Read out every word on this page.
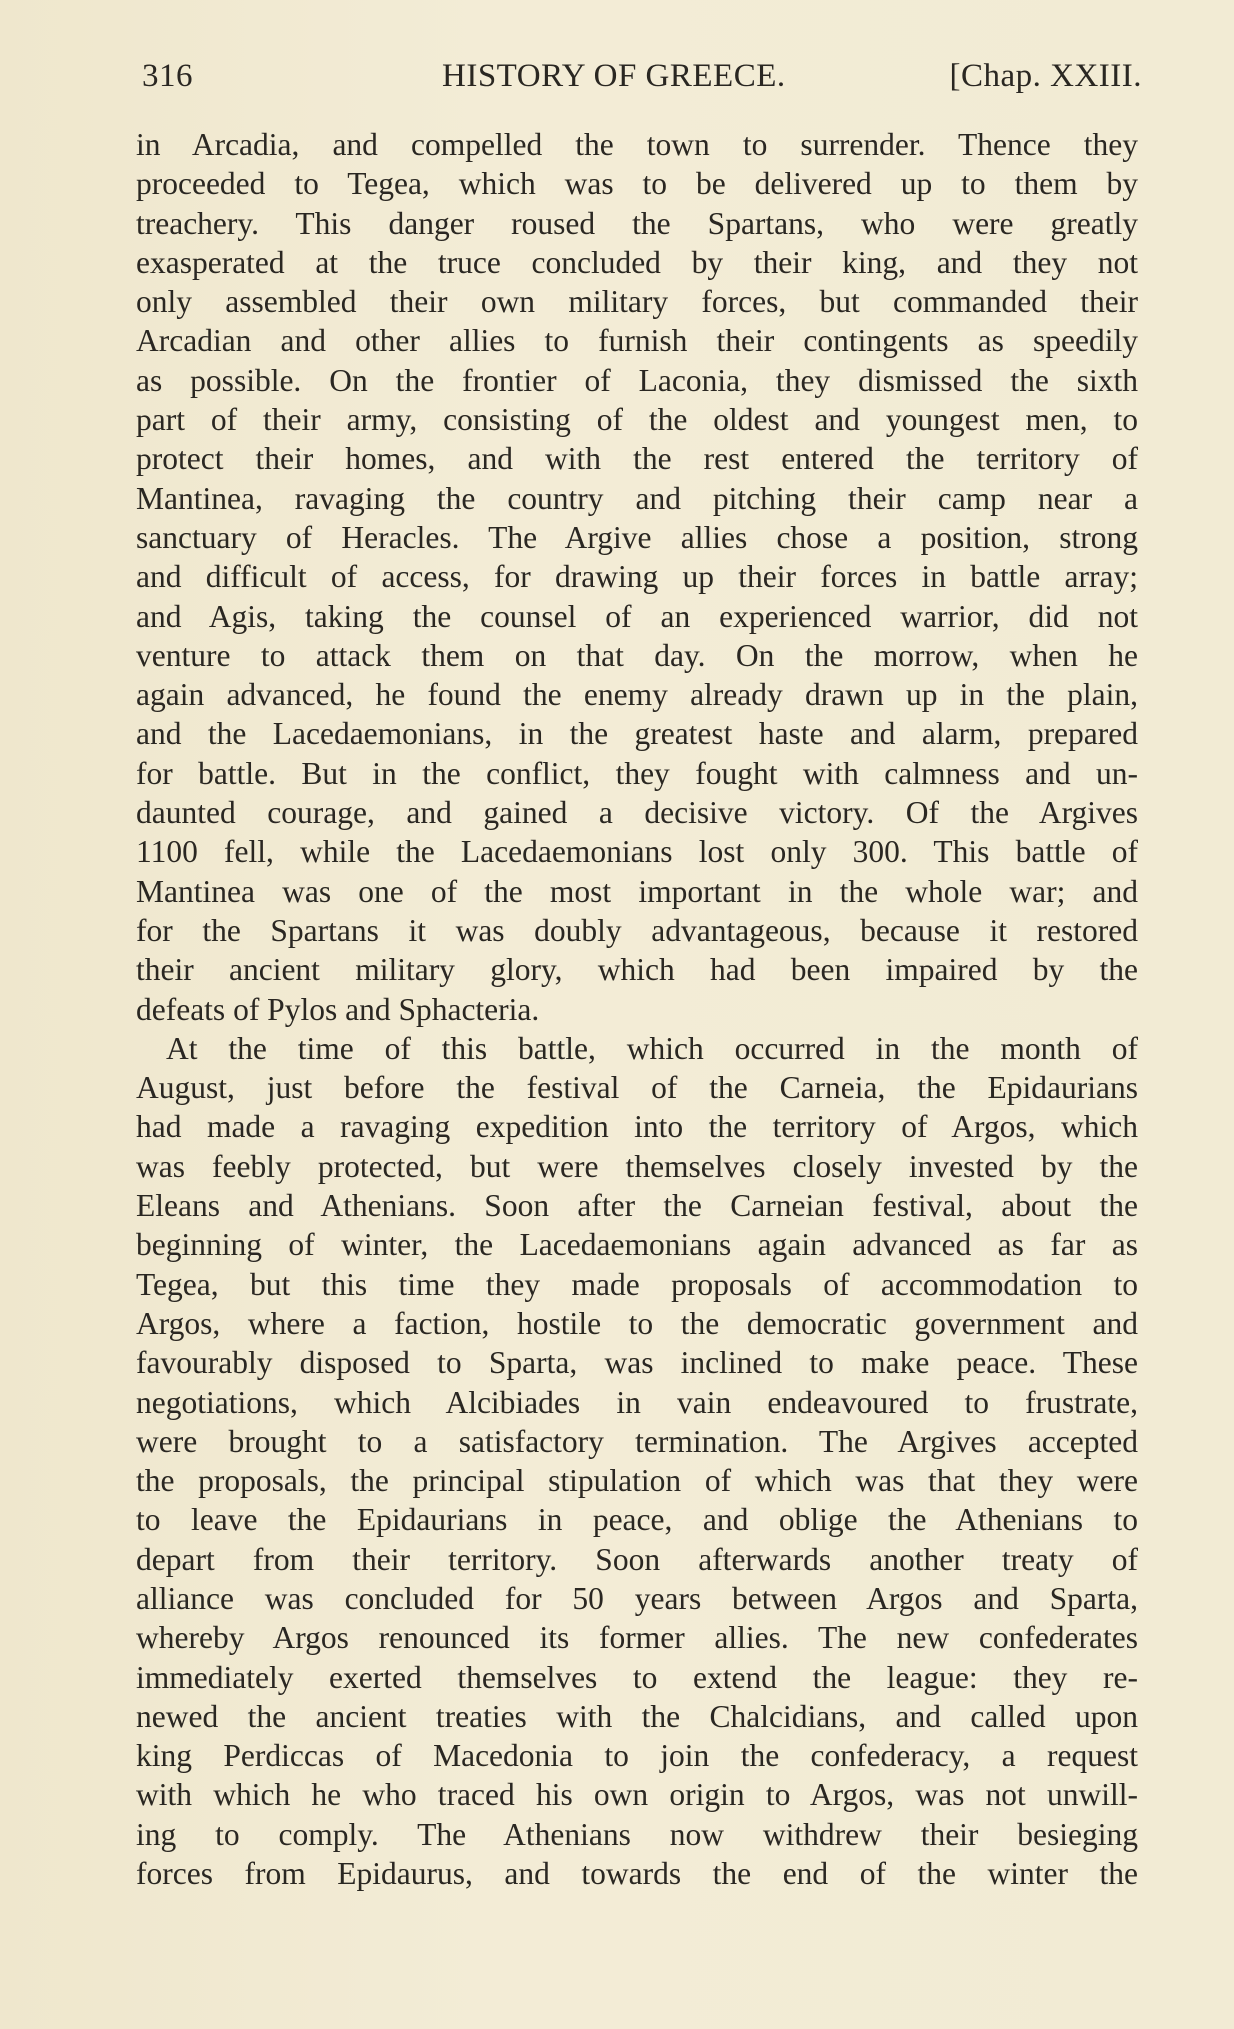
316	HISTORY OF GREECE.	[Chap. XXIII.
in Arcadia, and compelled the town to surrender. Thence they
proceeded to Tegea, which was to be delivered up to them by
treachery. This danger roused the Spartans, who were greatly
exasperated at the truce concluded by their king, and they not
only assembled their own military forces, but commanded their
Arcadian and other allies to furnish their contingents as speedily
as possible. On the frontier of Laconia, they dismissed the sixth
part of their army, consisting of the oldest and youngest men, to
protect their homes, and with the rest entered the territory of
Mantinea, ravaging the country and pitching their camp near a
sanctuary of Heracles. The Argive allies chose a position, strong
and difficult of access, for drawing up their forces in battle array;
and Agis, taking the counsel of an experienced warrior, did not
venture to attack them on that day. On the morrow, when he
again advanced, he found the enemy already drawn up in the plain,
and the Lacedaemonians, in the greatest haste and alarm, prepared
for battle. But in the conflict, they fought with calmness and un-
daunted courage, and gained a decisive victory. Of the Argives
1100 fell, while the Lacedaemonians lost only 300. This battle of
Mantinea was one of the most important in the whole war; and
for the Spartans it was doubly advantageous, because it restored
their ancient military glory, which had been impaired by the
defeats of Pylos and Sphacteria.
At the time of this battle, which occurred in the month of
August, just before the festival of the Carneia, the Epidaurians
had made a ravaging expedition into the territory of Argos, which
was feebly protected, but were themselves closely invested by the
Eleans and Athenians. Soon after the Carneian festival, about the
beginning of winter, the Lacedaemonians again advanced as far as
Tegea, but this time they made proposals of accommodation to
Argos, where a faction, hostile to the democratic government and
favourably disposed to Sparta, was inclined to make peace. These
negotiations, which Alcibiades in vain endeavoured to frustrate,
were brought to a satisfactory termination. The Argives accepted
the proposals, the principal stipulation of which was that they were
to leave the Epidaurians in peace, and oblige the Athenians to
depart from their territory. Soon afterwards another treaty of
alliance was concluded for 50 years between Argos and Sparta,
whereby Argos renounced its former allies. The new confederates
immediately exerted themselves to extend the league: they re-
newed the ancient treaties with the Chalcidians, and called upon
king Perdiccas of Macedonia to join the confederacy, a request
with which he who traced his own origin to Argos, was not unwill-
ing to comply. The Athenians now withdrew their besieging
forces from Epidaurus, and towards the end of the winter the
